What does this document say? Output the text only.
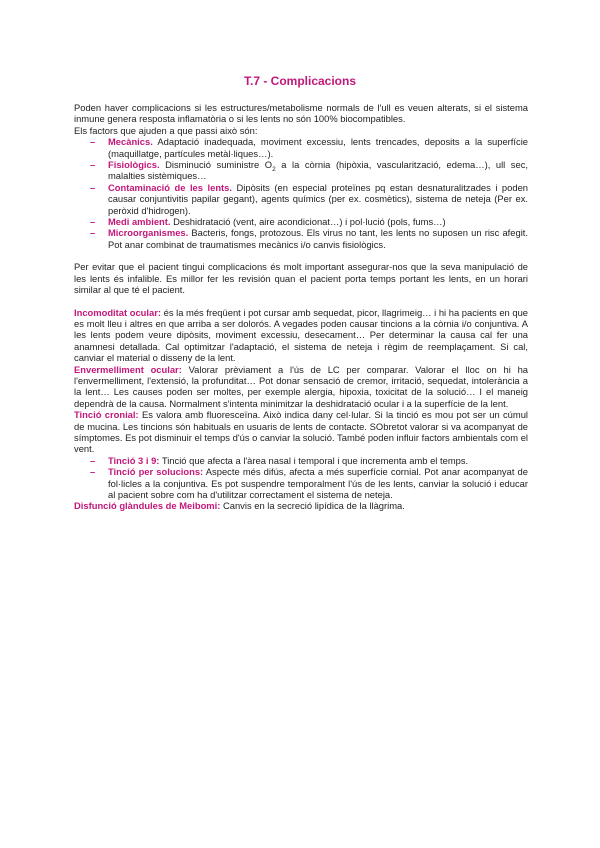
T.7 - Complicacions

Poden haver complicacions si les estructures/metabolisme normals de l'ull es veuen alterats, si el sistema inmune genera resposta inflamatòria o si les lents no són 100% biocompatibles.
Els factors que ajuden a que passi això són:

– Mecànics. Adaptació inadequada, moviment excessiu, lents trencades, deposits a la superfície (maquillatge, partícules metàl·liques…).
– Fisiològics. Disminució suministre $O_2$ a la còrnia (hipòxia, vascularització, edema…), ull sec, malalties sistèmiques…
– Contaminació de les lents. Dipòsits (en especial proteïnes pq estan desnaturalitzades i poden causar conjuntivitis papilar gegant), agents químics (per ex. cosmètics), sistema de neteja (Per ex. peròxid d'hidrogen).
– Medi ambient. Deshidratació (vent, aire acondicionat…) i pol·lució (pols, fums…)
– Microorganismes. Bacteris, fongs, protozous. Els virus no tant, les lents no suposen un risc afegit. Pot anar combinat de traumatismes mecànics i/o canvis fisiològics.

Per evitar que el pacient tingui complicacions és molt important assegurar-nos que la seva manipulació de les lents és infalible. Es millor fer les revisión quan el pacient porta temps portant les lents, en un horari similar al que té el pacient.

Incomoditat ocular: és la més freqüent i pot cursar amb sequedat, picor, llagrimeig… i hi ha pacients en que es molt lleu i altres en que arriba a ser dolorós. A vegades poden causar tincions a la còrnia i/o conjuntiva. A les lents podem veure dipòsits, moviment excessiu, desecament… Per determinar la causa cal fer una anamnesi detallada. Cal optimitzar l'adaptació, el sistema de neteja i règim de reemplaçament. Si cal, canviar el material o disseny de la lent.

Envermelliment ocular: Valorar prèviament a l'ús de LC per comparar. Valorar el lloc on hi ha l'envermelliment, l'extensió, la profunditat… Pot donar sensació de cremor, irritació, sequedat, intolerància a la lent… Les causes poden ser moltes, per exemple alergia, hipoxia, toxicitat de la solució… I el maneig dependrà de la causa. Normalment s'intenta minimitzar la deshidratació ocular i a la superfície de la lent.

Tinció cronial: Es valora amb fluoresceïna. Això indica dany cel·lular. Si la tinció es mou pot ser un cúmul de mucina. Les tincions són habituals en usuaris de lents de contacte. SObretot valorar si va acompanyat de símptomes. Es pot disminuir el temps d'ús o canviar la solució. També poden influir factors ambientals com el vent.

– Tinció 3 i 9: Tinció que afecta a l'àrea nasal i temporal i que incrementa amb el temps.
– Tinció per solucions: Aspecte més difús, afecta a més superfície cornial. Pot anar acompanyat de fol·licles a la conjuntiva. Es pot suspendre temporalment l'ús de les lents, canviar la solució i educar al pacient sobre com ha d'utilitzar correctament el sistema de neteja.

Disfunció glàndules de Meibomi: Canvis en la secreció lipídica de la llàgrima.
